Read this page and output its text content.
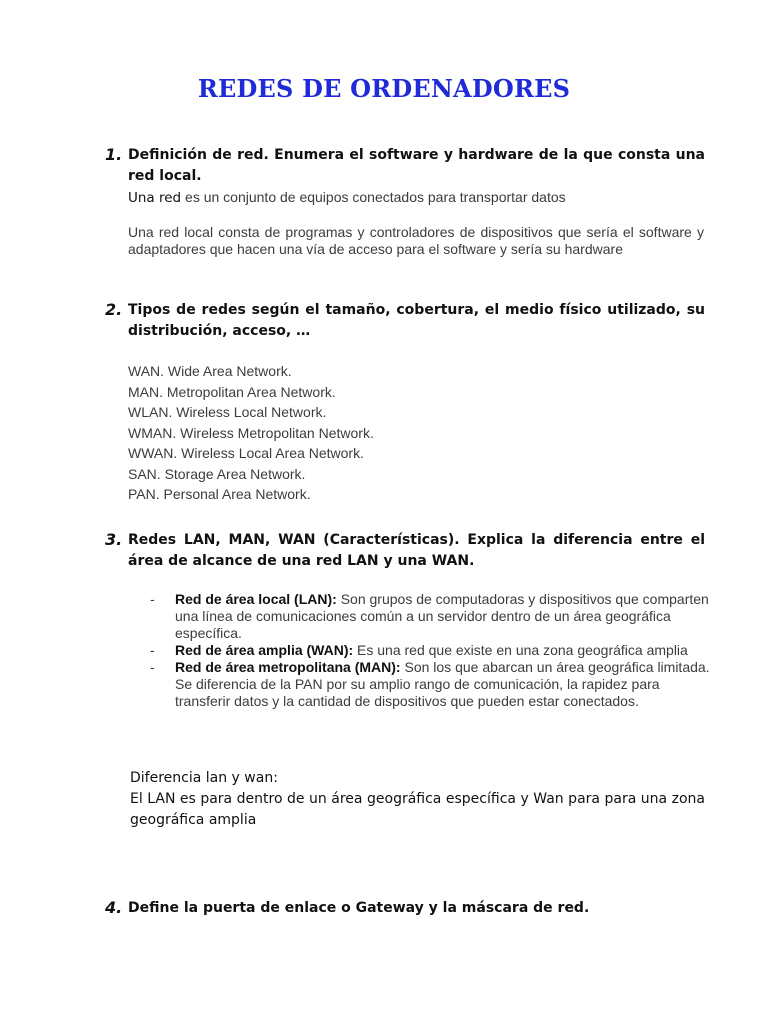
REDES DE ORDENADORES
1. Definición de red. Enumera el software y hardware de la que consta una red local.
Una red es un conjunto de equipos conectados para transportar datos
Una red local consta de programas y controladores de dispositivos que sería el software y adaptadores que hacen una vía de acceso para el software y sería su hardware
2. Tipos de redes según el tamaño, cobertura, el medio físico utilizado, su distribución, acceso, …
WAN. Wide Area Network.
MAN. Metropolitan Area Network.
WLAN. Wireless Local Network.
WMAN. Wireless Metropolitan Network.
WWAN. Wireless Local Area Network.
SAN. Storage Area Network.
PAN. Personal Area Network.
3. Redes LAN, MAN, WAN (Características). Explica la diferencia entre el área de alcance de una red LAN y una WAN.
- Red de área local (LAN): Son grupos de computadoras y dispositivos que comparten una línea de comunicaciones común a un servidor dentro de un área geográfica específica.
- Red de área amplia (WAN): Es una red que existe en una zona geográfica amplia
- Red de área metropolitana (MAN): Son los que abarcan un área geográfica limitada. Se diferencia de la PAN por su amplio rango de comunicación, la rapidez para transferir datos y la cantidad de dispositivos que pueden estar conectados.
Diferencia lan y wan:
El LAN es para dentro de un área geográfica específica y Wan para para una zona geográfica amplia
4. Define la puerta de enlace o Gateway y la máscara de red.
